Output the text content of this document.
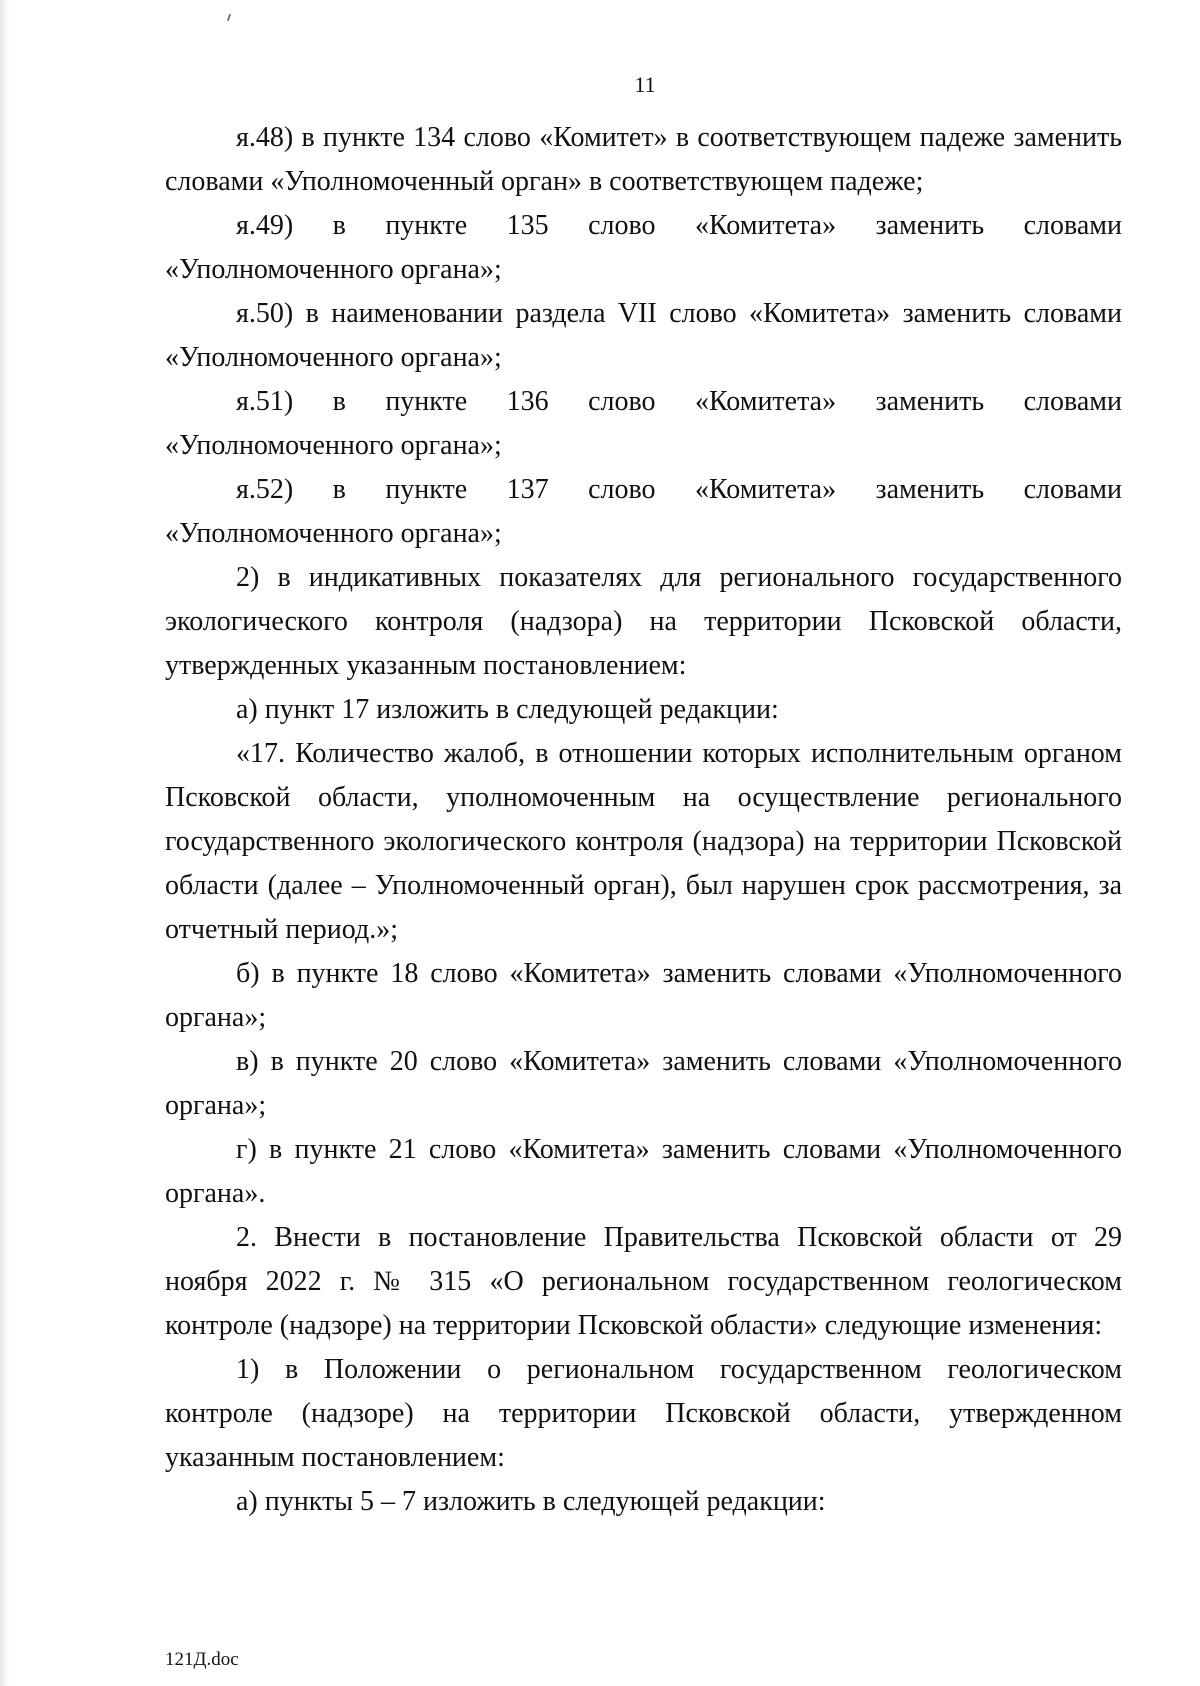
11

я.48) в пункте 134 слово «Комитет» в соответствующем падеже заменить словами «Уполномоченный орган» в соответствующем падеже;

я.49) в пункте 135 слово «Комитета» заменить словами «Уполномоченного органа»;

я.50) в наименовании раздела VII слово «Комитета» заменить словами «Уполномоченного органа»;

я.51) в пункте 136 слово «Комитета» заменить словами «Уполномоченного органа»;

я.52) в пункте 137 слово «Комитета» заменить словами «Уполномоченного органа»;

2) в индикативных показателях для регионального государственного экологического контроля (надзора) на территории Псковской области, утвержденных указанным постановлением:

а) пункт 17 изложить в следующей редакции:

«17. Количество жалоб, в отношении которых исполнительным органом Псковской области, уполномоченным на осуществление регионального государственного экологического контроля (надзора) на территории Псковской области (далее – Уполномоченный орган), был нарушен срок рассмотрения, за отчетный период.»;

б) в пункте 18 слово «Комитета» заменить словами «Уполномоченного органа»;

в) в пункте 20 слово «Комитета» заменить словами «Уполномоченного органа»;

г) в пункте 21 слово «Комитета» заменить словами «Уполномоченного органа».

2. Внести в постановление Правительства Псковской области от 29 ноября 2022 г. № 315 «О региональном государственном геологическом контроле (надзоре) на территории Псковской области» следующие изменения:

1) в Положении о региональном государственном геологическом контроле (надзоре) на территории Псковской области, утвержденном указанным постановлением:

а) пункты 5 – 7 изложить в следующей редакции:

121Д.doc
